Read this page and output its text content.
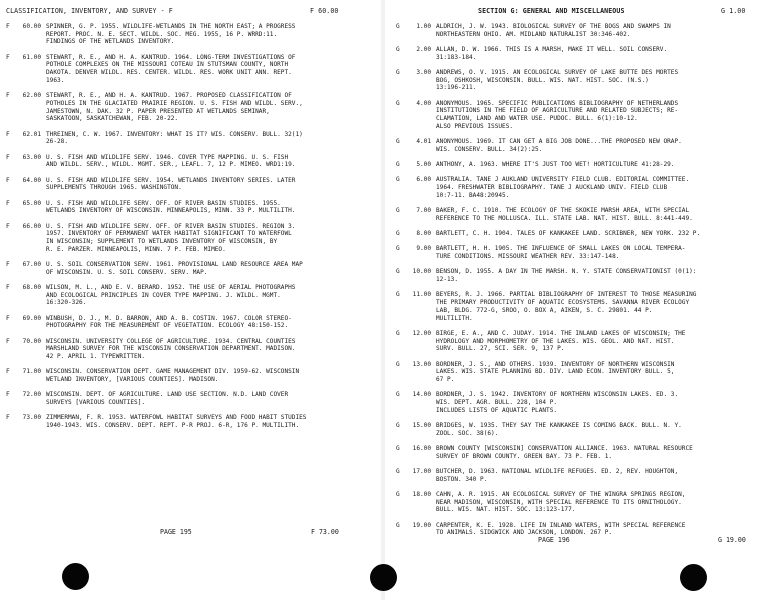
CLASSIFICATION, INVENTORY, AND SURVEY - F	F 60.00
F	60.00 SPINNER, G. P. 1955. WILDLIFE-WETLANDS IN THE NORTH EAST; A PROGRESS
REPORT. PROC. N. E. SECT. WILDL. SOC. MEG. 1955, 16 P. WRRD:11.
FINDINGS OF THE WETLANDS INVENTORY.
F	61.00 STEWART, R. E., AND H. A. KANTRUD. 1964. LONG-TERM INVESTIGATIONS OF
POTHOLE COMPLEXES ON THE MISSOURI COTEAU IN STUTSMAN COUNTY, NORTH
DAKOTA. DENVER WILDL. RES. CENTER. WILDL. RES. WORK UNIT ANN. REPT.
1963.
F	62.00 STEWART, R. E., AND H. A. KANTRUD. 1967. PROPOSED CLASSIFICATION OF
POTHOLES IN THE GLACIATED PRAIRIE REGION. U. S. FISH AND WILDL. SERV.,
JAMESTOWN, N. DAK. 32 P. PAPER PRESENTED AT WETLANDS SEMINAR,
SASKATOON, SASKATCHEWAN, FEB. 20-22.
F	62.01 THREINEN, C. W. 1967. INVENTORY: WHAT IS IT? WIS. CONSERV. BULL. 32(1)
26-28.
F	63.00 U. S. FISH AND WILDLIFE SERV. 1946. COVER TYPE MAPPING. U. S. FISH
AND WILDL. SERV., WILDL. MGMT. SER., LEAFL. 7, 12 P. MIMEO. WRD1:19.
F	64.00 U. S. FISH AND WILDLIFE SERV. 1954. WETLANDS INVENTORY SERIES. LATER
SUPPLEMENTS THROUGH 1965. WASHINGTON.
F	65.00 U. S. FISH AND WILDLIFE SERV. OFF. OF RIVER BASIN STUDIES. 1955.
WETLANDS INVENTORY OF WISCONSIN. MINNEAPOLIS, MINN. 33 P. MULTILITH.
F	66.00 U. S. FISH AND WILDLIFE SERV. OFF. OF RIVER BASIN STUDIES. REGION 3.
1957. INVENTORY OF PERMANENT WATER HABITAT SIGNIFICANT TO WATERFOWL
IN WISCONSIN; SUPPLEMENT TO WETLANDS INVENTORY OF WISCONSIN, BY
R. E. PARZER. MINNEAPOLIS, MINN. 7 P. FEB. MIMEO.
F	67.00 U. S. SOIL CONSERVATION SERV. 1961. PROVISIONAL LAND RESOURCE AREA MAP
OF WISCONSIN. U. S. SOIL CONSERV. SERV. MAP.
F	68.00 WILSON, M. L., AND E. V. BERARD. 1952. THE USE OF AERIAL PHOTOGRAPHS
AND ECOLOGICAL PRINCIPLES IN COVER TYPE MAPPING. J. WILDL. MGMT.
16:320-326.
F	69.00 WINBUSH, D. J., M. D. BARRON, AND A. B. COSTIN. 1967. COLOR STEREO-
PHOTOGRAPHY FOR THE MEASUREMENT OF VEGETATION. ECOLOGY 48:150-152.
F	70.00 WISCONSIN. UNIVERSITY COLLEGE OF AGRICULTURE. 1934. CENTRAL COUNTIES
MARSHLAND SURVEY FOR THE WISCONSIN CONSERVATION DEPARTMENT. MADISON.
42 P. APRIL 1. TYPEWRITTEN.
F	71.00 WISCONSIN. CONSERVATION DEPT. GAME MANAGEMENT DIV. 1959-62. WISCONSIN
WETLAND INVENTORY, [VARIOUS COUNTIES]. MADISON.
F	72.00 WISCONSIN. DEPT. OF AGRICULTURE. LAND USE SECTION. N.D. LAND COVER
SURVEYS [VARIOUS COUNTIES].
F	73.00 ZIMMERMAN, F. R. 1953. WATERFOWL HABITAT SURVEYS AND FOOD HABIT STUDIES
1940-1943. WIS. CONSERV. DEPT. REPT. P-R PROJ. 6-R, 176 P. MULTILITH.
PAGE 195	F 73.00
SECTION G: GENERAL AND MISCELLANEOUS	G 1.00
G	1.00 ALDRICH, J. W. 1943. BIOLOGICAL SURVEY OF THE BOGS AND SWAMPS IN
NORTHEASTERN OHIO. AM. MIDLAND NATURALIST 30:346-402.
G	2.00 ALLAN, D. W. 1966. THIS IS A MARSH, MAKE IT WELL. SOIL CONSERV.
31:183-184.
G	3.00 ANDREWS, O. V. 1915. AN ECOLOGICAL SURVEY OF LAKE BUTTE DES MORTES
BOG, OSHKOSH, WISCONSIN. BULL. WIS. NAT. HIST. SOC. (N.S.)
13:196-211.
G	4.00 ANONYMOUS. 1965. SPECIFIC PUBLICATIONS BIBLIOGRAPHY OF NETHERLANDS
INSTITUTIONS IN THE FIELD OF AGRICULTURE AND RELATED SUBJECTS; RE-
CLAMATION, LAND AND WATER USE. PUDOC. BULL. 6(1):10-12.
ALSO PREVIOUS ISSUES.
G	4.01 ANONYMOUS. 1969. IT CAN GET A BIG JOB DONE...THE PROPOSED NEW ORAP.
WIS. CONSERV. BULL. 34(2):25.
G	5.00 ANTHONY, A. 1963. WHERE IT'S JUST TOO WET! HORTICULTURE 41:28-29.
G	6.00 AUSTRALIA. TANE J AUKLAND UNIVERSITY FIELD CLUB. EDITORIAL COMMITTEE.
1964. FRESHWATER BIBLIOGRAPHY. TANE J AUCKLAND UNIV. FIELD CLUB
10:7-11. BA48:20945.
G	7.00 BAKER, F. C. 1910. THE ECOLOGY OF THE SKOKIE MARSH AREA, WITH SPECIAL
REFERENCE TO THE MOLLUSCA. ILL. STATE LAB. NAT. HIST. BULL. 8:441-449.
G	8.00 BARTLETT, C. H. 1904. TALES OF KANKAKEE LAND. SCRIBNER, NEW YORK. 232 P.
G	9.00 BARTLETT, H. H. 1905. THE INFLUENCE OF SMALL LAKES ON LOCAL TEMPERA-
TURE CONDITIONS. MISSOURI WEATHER REV. 33:147-148.
G	10.00 BENSON, D. 1955. A DAY IN THE MARSH. N. Y. STATE CONSERVATIONIST (0(1):
12-13.
G	11.00 BEYERS, R. J. 1966. PARTIAL BIBLIOGRAPHY OF INTEREST TO THOSE MEASURING
THE PRIMARY PRODUCTIVITY OF AQUATIC ECOSYSTEMS. SAVANNA RIVER ECOLOGY
LAB, BLDG. 772-G, SROO, O. BOX A, AIKEN, S. C. 29801. 44 P.
MULTILITH.
G	12.00 BIRGE, E. A., AND C. JUDAY. 1914. THE INLAND LAKES OF WISCONSIN; THE
HYDROLOGY AND MORPHOMETRY OF THE LAKES. WIS. GEOL. AND NAT. HIST.
SURV. BULL. 27, SCI. SER. 9, 137 P.
G	13.00 BORDNER, J. S., AND OTHERS. 1939. INVENTORY OF NORTHERN WISCONSIN
LAKES. WIS. STATE PLANNING BD. DIV. LAND ECON. INVENTORY BULL. 5,
67 P.
G	14.00 BORDNER, J. S. 1942. INVENTORY OF NORTHERN WISCONSIN LAKES. ED. 3.
WIS. DEPT. AGR. BULL. 228, 104 P.
INCLUDES LISTS OF AQUATIC PLANTS.
G	15.00 BRIDGES, W. 1935. THEY SAY THE KANKAKEE IS COMING BACK. BULL. N. Y.
ZOOL. SOC. 38(6).
G	16.00 BROWN COUNTY [WISCONSIN] CONSERVATION ALLIANCE. 1963. NATURAL RESOURCE
SURVEY OF BROWN COUNTY. GREEN BAY. 73 P. FEB. 1.
G	17.00 BUTCHER, D. 1963. NATIONAL WILDLIFE REFUGES. ED. 2, REV. HOUGHTON,
BOSTON. 340 P.
G	18.00 CAHN, A. R. 1915. AN ECOLOGICAL SURVEY OF THE WINGRA SPRINGS REGION,
NEAR MADISON, WISCONSIN, WITH SPECIAL REFERENCE TO ITS ORNITHOLOGY.
BULL. WIS. NAT. HIST. SOC. 13:123-177.
G	19.00 CARPENTER, K. E. 1928. LIFE IN INLAND WATERS, WITH SPECIAL REFERENCE
TO ANIMALS. SIDGWICK AND JACKSON, LONDON. 267 P.
PAGE 196	G 19.00
